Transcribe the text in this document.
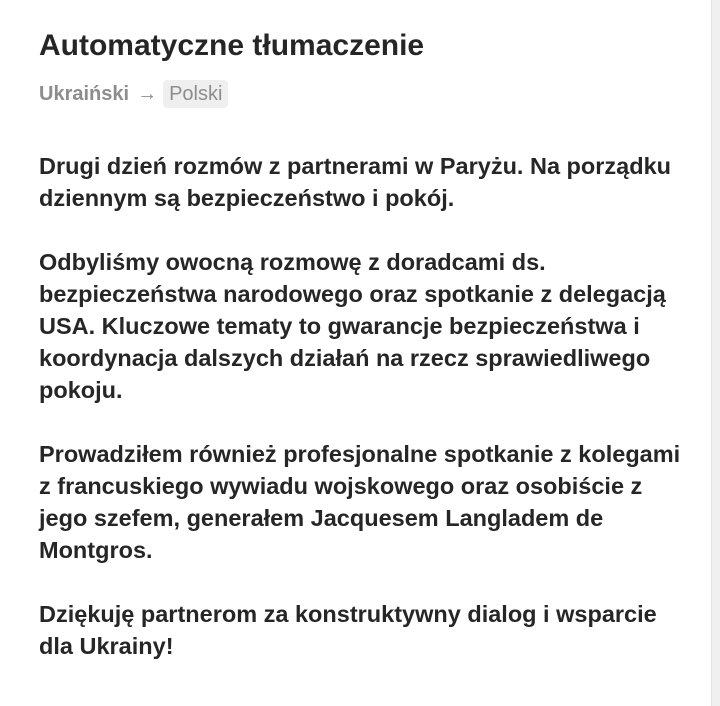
Automatyczne tłumaczenie
Ukraiński → Polski

Drugi dzień rozmów z partnerami w Paryżu. Na porządku dziennym są bezpieczeństwo i pokój.

Odbyliśmy owocną rozmowę z doradcami ds. bezpieczeństwa narodowego oraz spotkanie z delegacją USA. Kluczowe tematy to gwarancje bezpieczeństwa i koordynacja dalszych działań na rzecz sprawiedliwego pokoju.

Prowadziłem również profesjonalne spotkanie z kolegami z francuskiego wywiadu wojskowego oraz osobiście z jego szefem, generałem Jacquesem Langladem de Montgros.

Dziękuję partnerom za konstruktywny dialog i wsparcie dla Ukrainy!
